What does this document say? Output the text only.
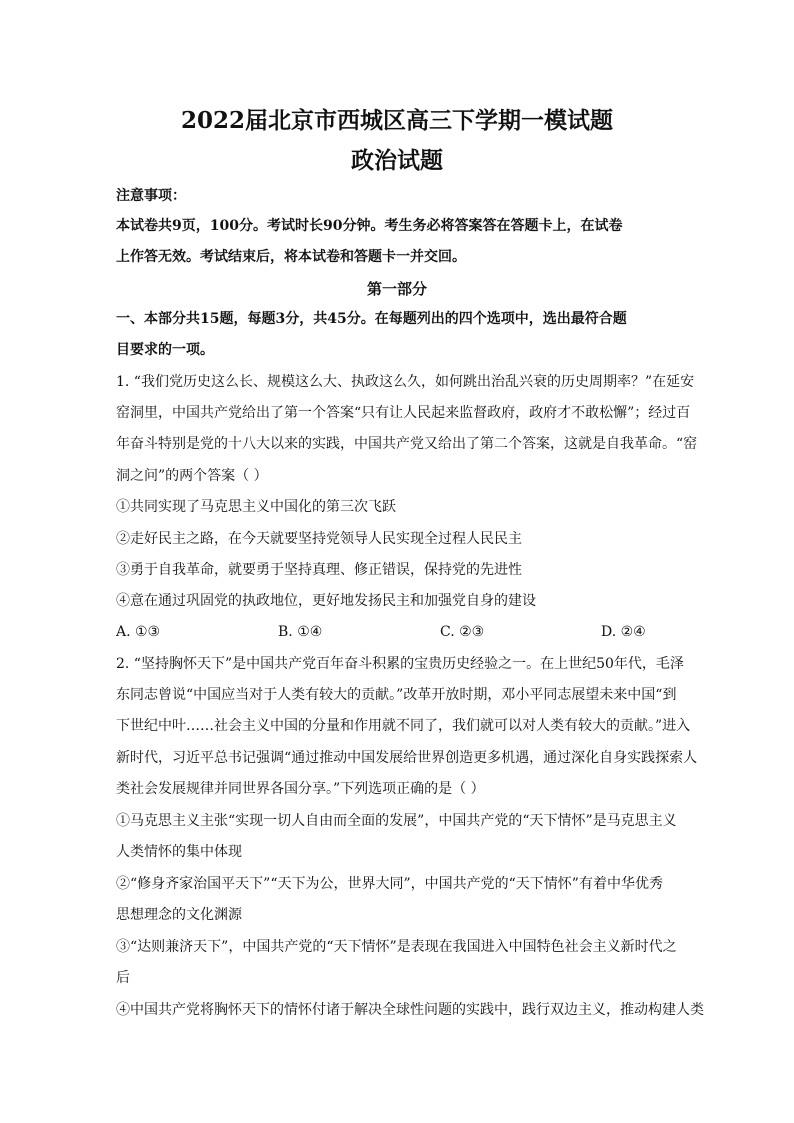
2022届北京市西城区高三下学期一模试题
政治试题
注意事项：
本试卷共9页，100分。考试时长90分钟。考生务必将答案答在答题卡上，在试卷
上作答无效。考试结束后，将本试卷和答题卡一并交回。
第一部分
一、本部分共15题，每题3分，共45分。在每题列出的四个选项中，选出最符合题
目要求的一项。
1. “我们党历史这么长、规模这么大、执政这么久，如何跳出治乱兴衰的历史周期率？”在延安
窑洞里，中国共产党给出了第一个答案“只有让人民起来监督政府，政府才不敢松懈”；经过百
年奋斗特别是党的十八大以来的实践，中国共产党又给出了第二个答案，这就是自我革命。“窑
洞之问”的两个答案（ ）
①共同实现了马克思主义中国化的第三次飞跃
②走好民主之路，在今天就要坚持党领导人民实现全过程人民民主
③勇于自我革命，就要勇于坚持真理、修正错误，保持党的先进性
④意在通过巩固党的执政地位，更好地发扬民主和加强党自身的建设
A. ①③	B. ①④	C. ②③	D. ②④
2. “坚持胸怀天下”是中国共产党百年奋斗积累的宝贵历史经验之一。在上世纪50年代，毛泽
东同志曾说“中国应当对于人类有较大的贡献。”改革开放时期，邓小平同志展望未来中国“到
下世纪中叶……社会主义中国的分量和作用就不同了，我们就可以对人类有较大的贡献。”进入
新时代，习近平总书记强调“通过推动中国发展给世界创造更多机遇，通过深化自身实践探索人
类社会发展规律并同世界各国分享。”下列选项正确的是（ ）
①马克思主义主张“实现一切人自由而全面的发展”，中国共产党的“天下情怀”是马克思主义
人类情怀的集中体现
②“修身齐家治国平天下”“天下为公，世界大同”，中国共产党的“天下情怀”有着中华优秀
思想理念的文化渊源
③“达则兼济天下”，中国共产党的“天下情怀”是表现在我国进入中国特色社会主义新时代之
后
④中国共产党将胸怀天下的情怀付诸于解决全球性问题的实践中，践行双边主义，推动构建人类
